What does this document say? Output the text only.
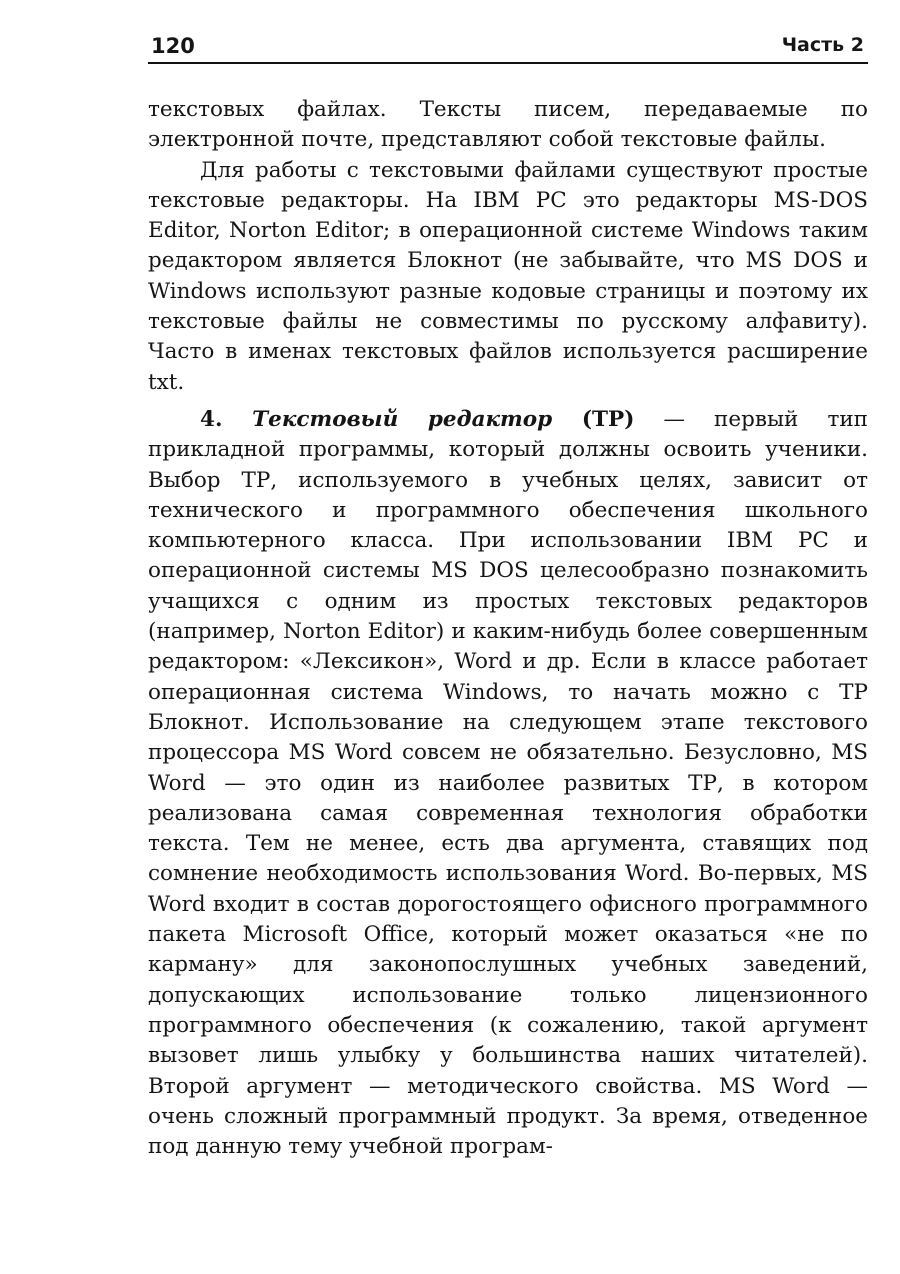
120	Часть 2

текстовых файлах. Тексты писем, передаваемые по электронной почте, представляют собой текстовые файлы.

Для работы с текстовыми файлами существуют простые текстовые редакторы. На IBM PC это редакторы MS-DOS Editor, Norton Editor; в операционной системе Windows таким редактором является Блокнот (не забывайте, что MS DOS и Windows используют разные кодовые страницы и поэтому их текстовые файлы не совместимы по русскому алфавиту). Часто в именах текстовых файлов используется расширение txt.

4. Текстовый редактор (ТР) — первый тип прикладной программы, который должны освоить ученики. Выбор ТР, используемого в учебных целях, зависит от технического и программного обеспечения школьного компьютерного класса. При использовании IBM PC и операционной системы MS DOS целесообразно познакомить учащихся с одним из простых текстовых редакторов (например, Norton Editor) и каким-нибудь более совершенным редактором: «Лексикон», Word и др. Если в классе работает операционная система Windows, то начать можно с ТР Блокнот. Использование на следующем этапе текстового процессора MS Word совсем не обязательно. Безусловно, MS Word — это один из наиболее развитых ТР, в котором реализована самая современная технология обработки текста. Тем не менее, есть два аргумента, ставящих под сомнение необходимость использования Word. Во-первых, MS Word входит в состав дорогостоящего офисного программного пакета Microsoft Office, который может оказаться «не по карману» для законопослушных учебных заведений, допускающих использование только лицензионного программного обеспечения (к сожалению, такой аргумент вызовет лишь улыбку у большинства наших читателей). Второй аргумент — методического свойства. MS Word — очень сложный программный продукт. За время, отведенное под данную тему учебной програм-
